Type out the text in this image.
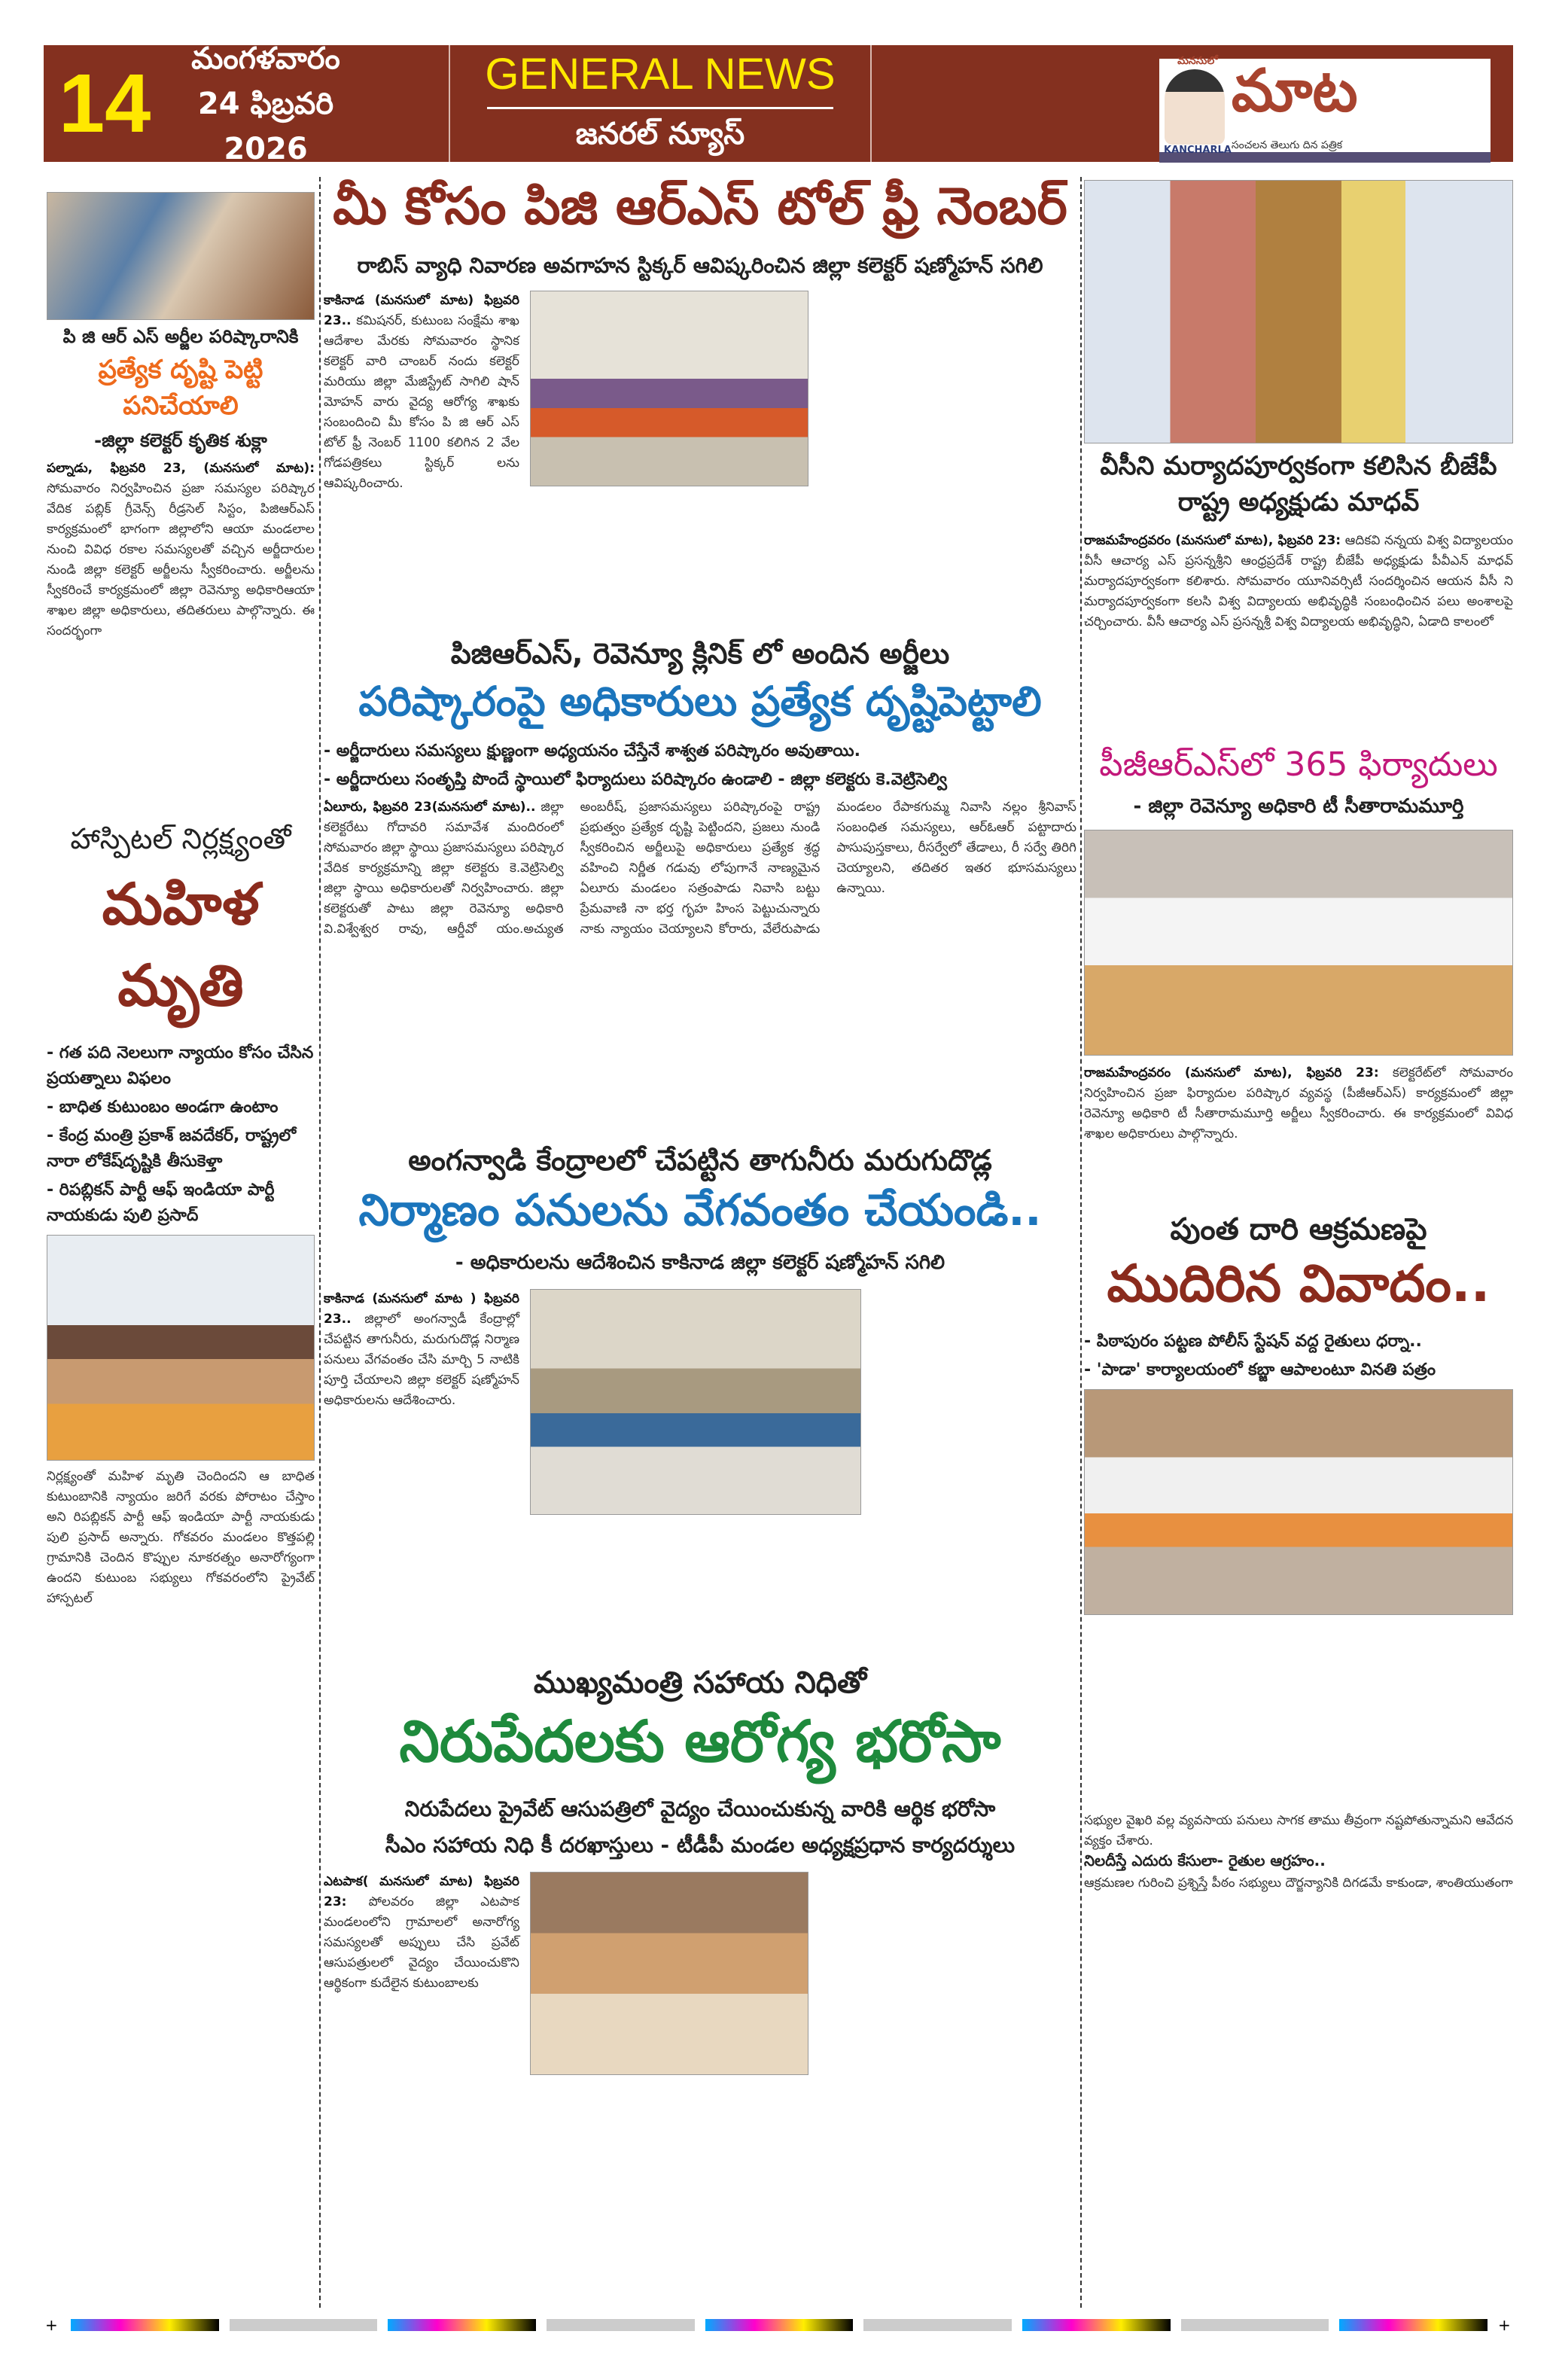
14	మంగళవారం
24 ఫిబ్రవరి 2026
GENERAL NEWS
జనరల్ న్యూస్
మనసులో
KANCHARLA
మాట
సంచలన తెలుగు దిన పత్రిక
పి జి ఆర్ ఎస్ అర్జీల పరిష్కారానికి
ప్రత్యేక దృష్టి పెట్టి పనిచేయాలి
-జిల్లా కలెక్టర్ కృతిక శుక్లా

పల్నాడు, ఫిబ్రవరి 23, (మనసులో మాట): సోమవారం నిర్వహించిన ప్రజా సమస్యల పరిష్కార వేదిక పబ్లిక్ గ్రీవెన్స్ రీడ్రసెల్ సిస్టం, పిజిఆర్ఎస్ కార్యక్రమంలో భాగంగా జిల్లాలోని ఆయా మండలాల నుంచి వివిధ రకాల సమస్యలతో వచ్చిన అర్జీదారుల నుండి జిల్లా కలెక్టర్ అర్జీలను స్వీకరించారు. అర్జీలను స్వీకరించే కార్యక్రమంలో జిల్లా రెవెన్యూ అధికారిఆయా శాఖల జిల్లా అధికారులు, తదితరులు పాల్గొన్నారు. ఈ సందర్భంగా

హాస్పిటల్ నిర్లక్ష్యంతో
మహిళ మృతి
- గత పది నెలలుగా న్యాయం కోసం చేసిన ప్రయత్నాలు విఫలం
- బాధిత కుటుంబం అండగా ఉంటాం
- కేంద్ర మంత్రి ప్రకాశ్ జవదేకర్, రాష్ట్రలో నారా లోకేష్‌దృష్టికి తీసుకెళ్తా
- రిపబ్లికన్ పార్టీ ఆఫ్ ఇండియా పార్టీ నాయకుడు పులి ప్రసాద్

నిర్లక్ష్యంతో మహిళ మృతి చెందిందని ఆ బాధిత కుటుంబానికి న్యాయం జరిగే వరకు పోరాటం చేస్తాం అని రిపబ్లికన్ పార్టీ ఆఫ్ ఇండియా పార్టీ నాయకుడు పులి ప్రసాద్ అన్నారు. గోకవరం మండలం కొత్తపల్లి గ్రామానికి చెందిన కొప్పుల నూకరత్నం అనారోగ్యంగా ఉందని కుటుంబ సభ్యులు గోకవరంలోని ప్రైవేట్ హాస్పటల్

మీ కోసం పిజి ఆర్ఎస్ టోల్ ఫ్రీ నెంబర్
రాబిస్ వ్యాధి నివారణ అవగాహన స్టిక్కర్ ఆవిష్కరించిన జిల్లా కలెక్టర్ షణ్మోహన్ సగిలి

కాకినాడ (మనసులో మాట) ఫిబ్రవరి 23.. కమిషనర్, కుటుంబ సంక్షేమ శాఖ ఆదేశాల మేరకు సోమవారం స్థానిక కలెక్టర్ వారి చాంబర్ నందు కలెక్టర్ మరియు జిల్లా మేజిస్ట్రేట్ సాగిలి షాన్ మోహన్ వారు వైద్య ఆరోగ్య శాఖకు సంబందించి మీ కోసం పి జి ఆర్ ఎస్ టోల్ ఫ్రీ నెంబర్ 1100 కలిగిన 2 వేల గోడపత్రికలు స్టిక్కర్ లను ఆవిష్కరించారు.

పిజిఆర్ఎస్, రెవెన్యూ క్లినిక్ లో అందిన అర్జీలు
పరిష్కారంపై అధికారులు ప్రత్యేక దృష్టిపెట్టాలి
- అర్జీదారులు సమస్యలు క్షుణ్ణంగా అధ్యయనం చేస్తేనే శాశ్వత పరిష్కారం అవుతాయి.
- అర్జీదారులు సంతృప్తి పొందే స్థాయిలో ఫిర్యాదులు పరిష్కారం ఉండాలి - జిల్లా కలెక్టరు కె.వెట్రిసెల్వి

ఏలూరు, ఫిబ్రవరి 23(మనసులో మాట).. జిల్లా కలెక్టరేటు గోదావరి సమావేశ మందిరంలో సోమవారం జిల్లా స్థాయి ప్రజాసమస్యలు పరిష్కార వేదిక కార్యక్రమాన్ని జిల్లా కలెక్టరు కె.వెట్రిసెల్వి జిల్లా స్థాయి అధికారులతో నిర్వహించారు. జిల్లా కలెక్టరుతో పాటు జిల్లా రెవెన్యూ అధికారి వి.విశ్వేశ్వర రావు, ఆర్డీవో యం.అచ్యుత అంబరీష్, ప్రజాసమస్యలు పరిష్కారంపై రాష్ట్ర ప్రభుత్వం ప్రత్యేక దృష్టి పెట్టిందని, ప్రజలు నుండి స్వీకరించిన అర్జీలుపై అధికారులు ప్రత్యేక శ్రద్ధ వహించి నిర్ణీత గడువు లోపుగానే నాణ్యమైన ఏలూరు మండలం సత్రంపాడు నివాసి బట్టు ప్రేమవాణి నా భర్త గృహ హింస పెట్టుచున్నారు నాకు న్యాయం చెయ్యాలని కోరారు, వేలేరుపాడు మండలం రేపాకగుమ్మ నివాసి నల్లం శ్రీనివాస్ సంబంధిత సమస్యలు, ఆర్ఓఆర్ పట్టాదారు పాసుపుస్తకాలు, రీసర్వేలో తేడాలు, రీ సర్వే తిరిగి చెయ్యాలని, తదితర ఇతర భూసమస్యలు ఉన్నాయి.

అంగన్వాడి కేంద్రాలలో చేపట్టిన తాగునీరు మరుగుదొడ్ల
నిర్మాణం పనులను వేగవంతం చేయండి..
- అధికారులను ఆదేశించిన కాకినాడ జిల్లా కలెక్టర్ షణ్మోహన్ సగిలి

కాకినాడ (మనసులో మాట ) ఫిబ్రవరి 23.. జిల్లాలో అంగన్వాడీ కేంద్రాల్లో చేపట్టిన తాగునీరు, మరుగుదొడ్ల నిర్మాణ పనులు వేగవంతం చేసి మార్చి 5 నాటికి పూర్తి చేయాలని జిల్లా కలెక్టర్ షణ్మోహన్ అధికారులను ఆదేశించారు.

ముఖ్యమంత్రి సహాయ నిధితో
నిరుపేదలకు ఆరోగ్య భరోసా
నిరుపేదలు ప్రైవేట్ ఆసుపత్రిలో వైద్యం చేయించుకున్న వారికి ఆర్థిక భరోసా
సీఎం సహాయ నిధి కీ దరఖాస్తులు - టీడీపీ మండల అధ్యక్షప్రధాన కార్యదర్శులు

ఎటపాక( మనసులో మాట) ఫిబ్రవరి 23: పోలవరం జిల్లా ఎటపాక మండలంలోని గ్రామాలలో అనారోగ్య సమస్యలతో అప్పులు చేసి ప్రవేట్ ఆసుపత్రులలో వైద్యం చేయించుకొని ఆర్థికంగా కుదేలైన కుటుంబాలకు

వీసీని మర్యాదపూర్వకంగా కలిసిన బీజేపీ రాష్ట్ర అధ్యక్షుడు మాధవ్

రాజమహేంద్రవరం (మనసులో మాట), ఫిబ్రవరి 23: ఆదికవి నన్నయ విశ్వ విద్యాలయం వీసీ ఆచార్య ఎస్ ప్రసన్నశ్రీని ఆంధ్రప్రదేశ్ రాష్ట్ర బీజేపీ అధ్యక్షుడు పీవీఎన్ మాధవ్ మర్యాదపూర్వకంగా కలిశారు. సోమవారం యూనివర్సిటీ సందర్శించిన ఆయన వీసీ ని మర్యాదపూర్వకంగా కలసి విశ్వ విద్యాలయ అభివృద్ధికి సంబంధించిన పలు అంశాలపై చర్చించారు. వీసీ ఆచార్య ఎస్ ప్రసన్నశ్రీ విశ్వ విద్యాలయ అభివృద్ధిని, ఏడాది కాలంలో

పీజీఆర్ఎస్‌లో 365 ఫిర్యాదులు
- జిల్లా రెవెన్యూ అధికారి టీ సీతారామమూర్తి

రాజమహేంద్రవరం (మనసులో మాట), ఫిబ్రవరి 23: కలెక్టరేట్‌లో సోమవారం నిర్వహించిన ప్రజా ఫిర్యాదుల పరిష్కార వ్యవస్థ (పీజీఆర్ఎస్) కార్యక్రమంలో జిల్లా రెవెన్యూ అధికారి టీ సీతారామమూర్తి అర్జీలు స్వీకరించారు. ఈ కార్యక్రమంలో వివిధ శాఖల అధికారులు పాల్గొన్నారు.

పుంత దారి ఆక్రమణపై
ముదిరిన వివాదం..
- పిఠాపురం పట్టణ పోలీస్ స్టేషన్ వద్ద రైతులు ధర్నా..
- 'పాడా' కార్యాలయంలో కబ్జా ఆపాలంటూ వినతి పత్రం

సభ్యుల వైఖరి వల్ల వ్యవసాయ పనులు సాగక తాము తీవ్రంగా నష్టపోతున్నామని ఆవేదన వ్యక్తం చేశారు.

నిలదీస్తే ఎదురు కేసులా- రైతుల ఆగ్రహం..

ఆక్రమణల గురించి ప్రశ్నిస్తే పీఠం సభ్యులు దౌర్జన్యానికి దిగడమే కాకుండా, శాంతియుతంగా

+	+
